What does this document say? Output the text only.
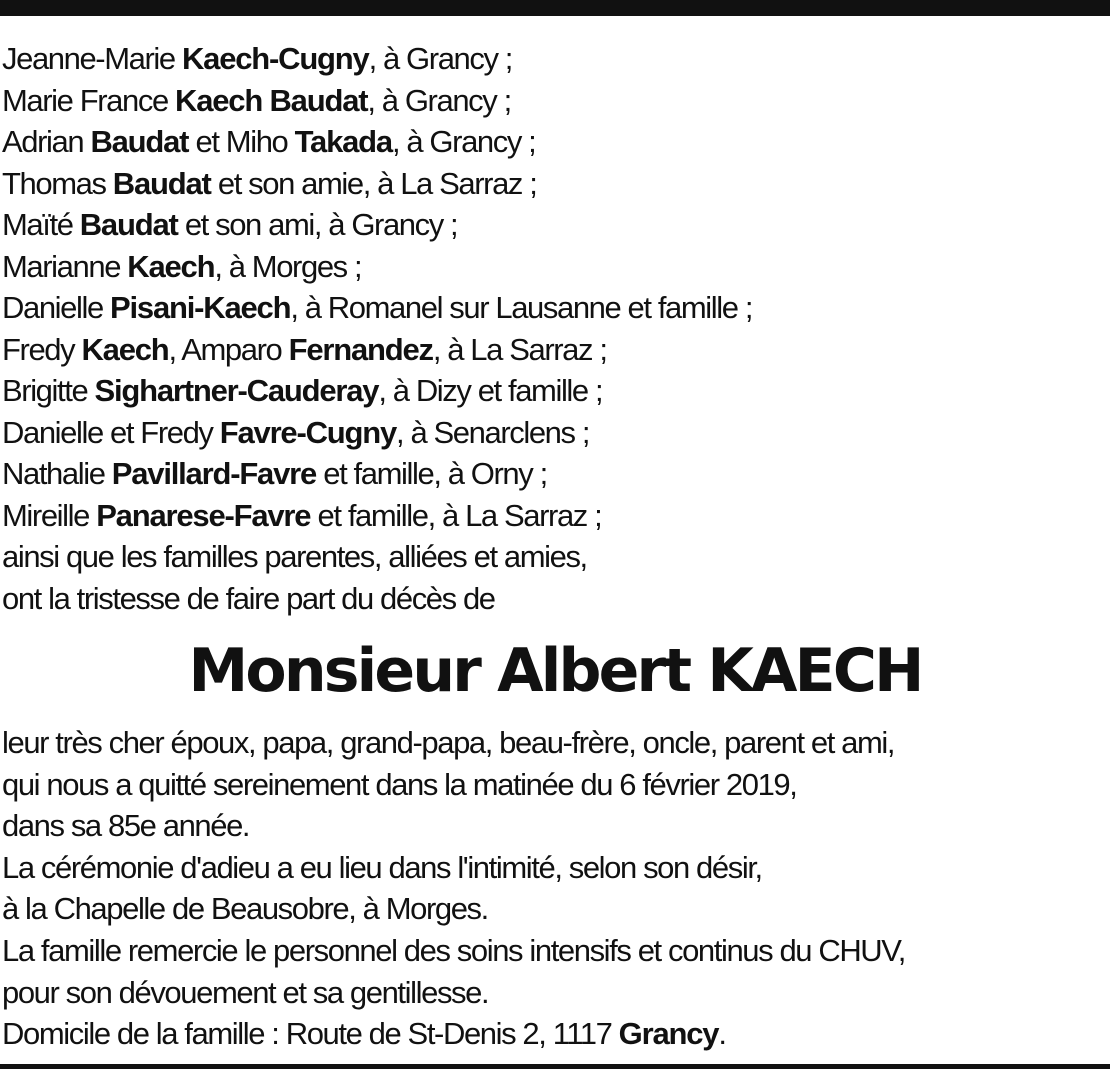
Jeanne-Marie Kaech-Cugny, à Grancy ;
Marie France Kaech Baudat, à Grancy ;
Adrian Baudat et Miho Takada, à Grancy ;
Thomas Baudat et son amie, à La Sarraz ;
Maïté Baudat et son ami, à Grancy ;
Marianne Kaech, à Morges ;
Danielle Pisani-Kaech, à Romanel sur Lausanne et famille ;
Fredy Kaech, Amparo Fernandez, à La Sarraz ;
Brigitte Sighartner-Cauderay, à Dizy et famille ;
Danielle et Fredy Favre-Cugny, à Senarclens ;
Nathalie Pavillard-Favre et famille, à Orny ;
Mireille Panarese-Favre et famille, à La Sarraz ;
ainsi que les familles parentes, alliées et amies,
ont la tristesse de faire part du décès de
Monsieur Albert KAECH
leur très cher époux, papa, grand-papa, beau-frère, oncle, parent et ami,
qui nous a quitté sereinement dans la matinée du 6 février 2019,
dans sa 85e année.
La cérémonie d'adieu a eu lieu dans l'intimité, selon son désir,
à la Chapelle de Beausobre, à Morges.
La famille remercie le personnel des soins intensifs et continus du CHUV,
pour son dévouement et sa gentillesse.
Domicile de la famille : Route de St-Denis 2, 1117 Grancy.
